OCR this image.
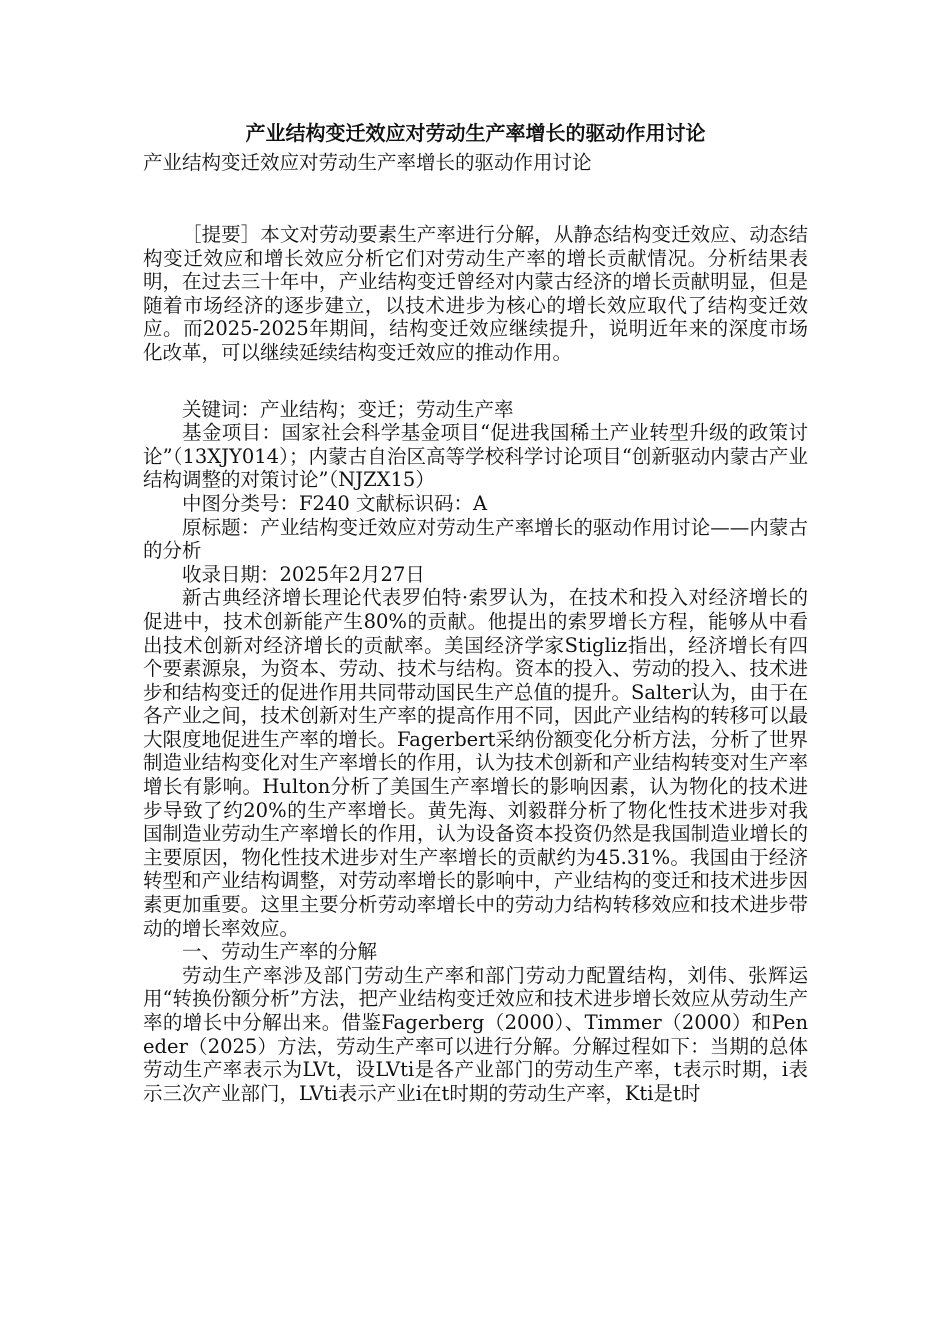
产业结构变迁效应对劳动生产率增长的驱动作用讨论

产业结构变迁效应对劳动生产率增长的驱动作用讨论

［提要］本文对劳动要素生产率进行分解，从静态结构变迁效应、动态结构变迁效应和增长效应分析它们对劳动生产率的增长贡献情况。分析结果表明，在过去三十年中，产业结构变迁曾经对内蒙古经济的增长贡献明显，但是随着市场经济的逐步建立，以技术进步为核心的增长效应取代了结构变迁效应。而2025-2025年期间，结构变迁效应继续提升，说明近年来的深度市场化改革，可以继续延续结构变迁效应的推动作用。

关键词：产业结构；变迁；劳动生产率

基金项目：国家社会科学基金项目“促进我国稀土产业转型升级的政策讨论”（13XJY014）；内蒙古自治区高等学校科学讨论项目“创新驱动内蒙古产业结构调整的对策讨论”（NJZX15）

中图分类号：F240 文献标识码：A

原标题：产业结构变迁效应对劳动生产率增长的驱动作用讨论——内蒙古的分析

收录日期：2025年2月27日

新古典经济增长理论代表罗伯特·索罗认为，在技术和投入对经济增长的促进中，技术创新能产生80%的贡献。他提出的索罗增长方程，能够从中看出技术创新对经济增长的贡献率。美国经济学家Stigliz指出，经济增长有四个要素源泉，为资本、劳动、技术与结构。资本的投入、劳动的投入、技术进步和结构变迁的促进作用共同带动国民生产总值的提升。Salter认为，由于在各产业之间，技术创新对生产率的提高作用不同，因此产业结构的转移可以最大限度地促进生产率的增长。Fagerbert采纳份额变化分析方法，分析了世界制造业结构变化对生产率增长的作用，认为技术创新和产业结构转变对生产率增长有影响。Hulton分析了美国生产率增长的影响因素，认为物化的技术进步导致了约20%的生产率增长。黄先海、刘毅群分析了物化性技术进步对我国制造业劳动生产率增长的作用，认为设备资本投资仍然是我国制造业增长的主要原因，物化性技术进步对生产率增长的贡献约为45.31%。我国由于经济转型和产业结构调整，对劳动率增长的影响中，产业结构的变迁和技术进步因素更加重要。这里主要分析劳动率增长中的劳动力结构转移效应和技术进步带动的增长率效应。

一、劳动生产率的分解

劳动生产率涉及部门劳动生产率和部门劳动力配置结构，刘伟、张辉运用“转换份额分析”方法，把产业结构变迁效应和技术进步增长效应从劳动生产率的增长中分解出来。借鉴Fagerberg（2000）、Timmer（2000）和Peneder（2025）方法，劳动生产率可以进行分解。分解过程如下：当期的总体劳动生产率表示为LVt，设LVti是各产业部门的劳动生产率，t表示时期，i表示三次产业部门，LVti表示产业i在t时期的劳动生产率，Kti是t时
